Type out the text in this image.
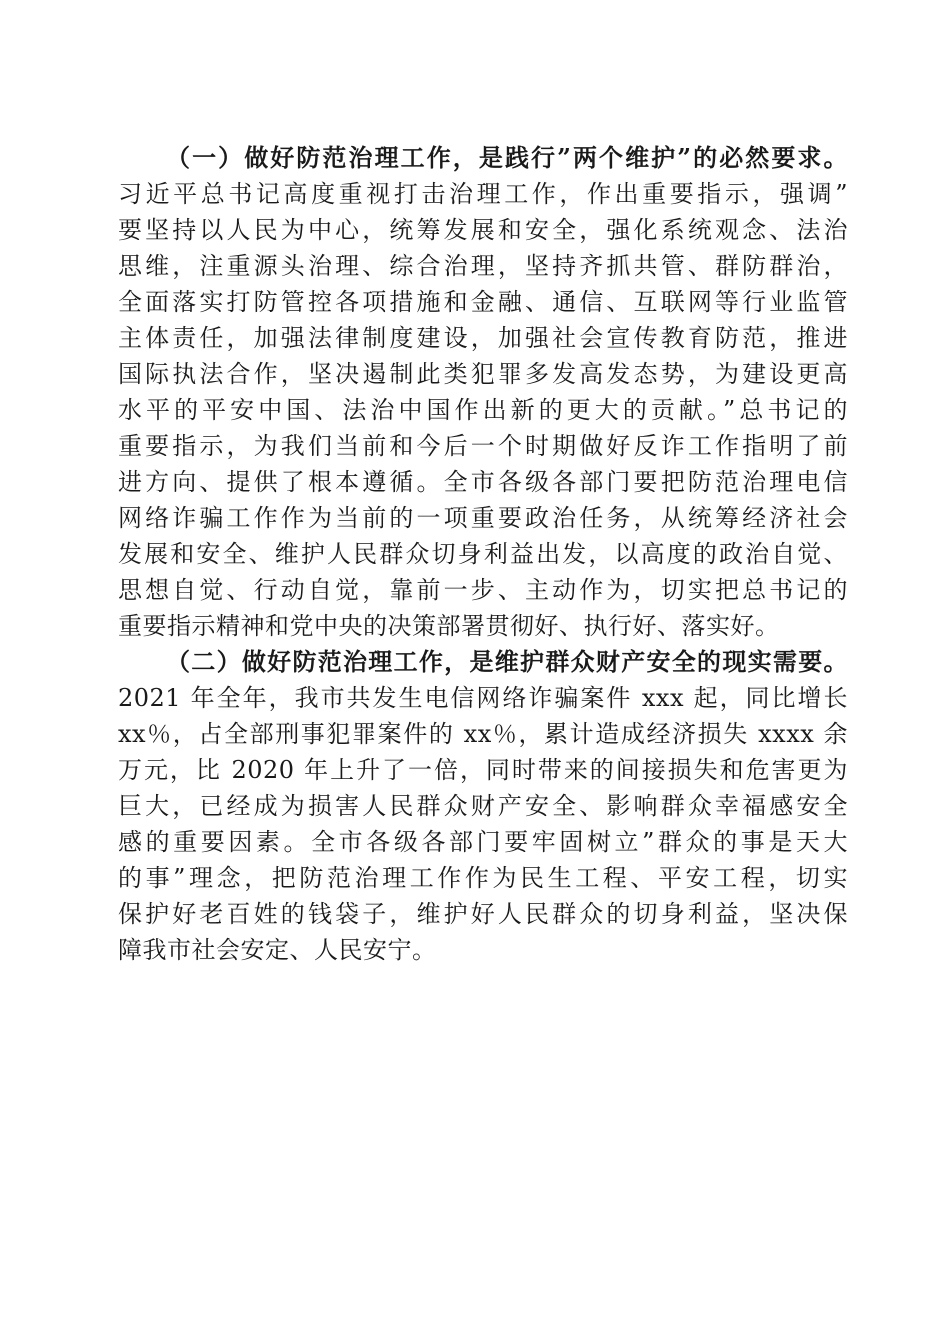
（一）做好防范治理工作，是践行”两个维护”的必然要求。
习近平总书记高度重视打击治理工作，作出重要指示，强调”
要坚持以人民为中心，统筹发展和安全，强化系统观念、法治
思维，注重源头治理、综合治理，坚持齐抓共管、群防群治，
全面落实打防管控各项措施和金融、通信、互联网等行业监管
主体责任，加强法律制度建设，加强社会宣传教育防范，推进
国际执法合作，坚决遏制此类犯罪多发高发态势，为建设更高
水平的平安中国、法治中国作出新的更大的贡献。”总书记的
重要指示，为我们当前和今后一个时期做好反诈工作指明了前
进方向、提供了根本遵循。全市各级各部门要把防范治理电信
网络诈骗工作作为当前的一项重要政治任务，从统筹经济社会
发展和安全、维护人民群众切身利益出发，以高度的政治自觉、
思想自觉、行动自觉，靠前一步、主动作为，切实把总书记的
重要指示精神和党中央的决策部署贯彻好、执行好、落实好。
（二）做好防范治理工作，是维护群众财产安全的现实需要。
2021 年全年，我市共发生电信网络诈骗案件 xxx 起，同比增长
xx％，占全部刑事犯罪案件的 xx％，累计造成经济损失 xxxx 余
万元，比 2020 年上升了一倍，同时带来的间接损失和危害更为
巨大，已经成为损害人民群众财产安全、影响群众幸福感安全
感的重要因素。全市各级各部门要牢固树立”群众的事是天大
的事”理念，把防范治理工作作为民生工程、平安工程，切实
保护好老百姓的钱袋子，维护好人民群众的切身利益，坚决保
障我市社会安定、人民安宁。
